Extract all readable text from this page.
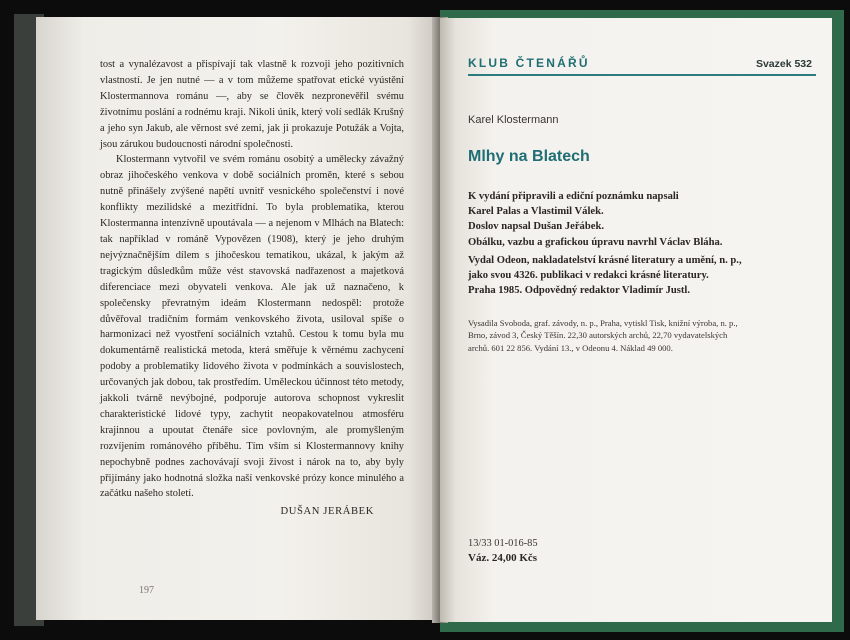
tost a vynalézavost a přispívají tak vlastně k rozvoji jeho pozitivních vlastností. Je jen nutné — a v tom můžeme spatřovat etické vyústění Klostermannova románu —, aby se člověk nezpronevěřil svému životnímu poslání a rodnému kraji. Nikoli únik, který volí sedlák Krušný a jeho syn Jakub, ale věrnost své zemi, jak ji prokazuje Potužák a Vojta, jsou zárukou budoucnosti národní společnosti.

Klostermann vytvořil ve svém románu osobitý a umělecky závažný obraz jihočeského venkova v době sociálních proměn, které s sebou nutně přinášely zvýšené napětí uvnitř vesnického společenství i nové konflikty mezilidské a mezitřídní. To byla problematika, kterou Klostermanna intenzívně upoutávala — a nejenom v Mlhách na Blatech: tak například v románě Vypovězen (1908), který je jeho druhým nejvýznačnějším dílem s jihočeskou tematikou, ukázal, k jakým až tragickým důsledkům může vést stavovská nadřazenost a majetková diferenciace mezi obyvateli venkova. Ale jak už naznačeno, k společensky převratným ideám Klostermann nedospěl: protože důvěřoval tradičním formám venkovského života, usiloval spíše o harmonizaci než vyostření sociálních vztahů. Cestou k tomu byla mu dokumentárně realistická metoda, která směřuje k věrnému zachycení podoby a problematiky lidového života v podmínkách a souvislostech, určovaných jak dobou, tak prostředím. Uměleckou účinnost této metody, jakkoli tvárně nevýbojné, podporuje autorova schopnost vykreslit charakteristické lidové typy, zachytit neopakovatelnou atmosféru krajinnou a upoutat čtenáře sice povlovným, ale promyšleným rozvíjením románového příběhu. Tím vším si Klostermannovy knihy nepochybně podnes zachovávají svoji živost i nárok na to, aby byly přijímány jako hodnotná složka naší venkovské prózy konce minulého a začátku našeho století.

DUŠAN JERÁBEK
197
KLUB ČTENÁŘŮ	Svazek 532
Karel Klostermann
Mlhy na Blatech
K vydání připravili a ediční poznámku napsali
Karel Palas a Vlastimil Válek.
Doslov napsal Dušan Jeřábek.
Obálku, vazbu a grafickou úpravu navrhl Václav Bláha.
Vydal Odeon, nakladatelství krásné literatury a umění, n. p.,
jako svou 4326. publikaci v redakci krásné literatury.
Praha 1985. Odpovědný redaktor Vladimír Justl.
Vysadila Svoboda, graf. závody, n. p., Praha, vytiskl Tisk, knižní výroba, n. p.,
Brno, závod 3, Český Těšín. 22,30 autorských archů, 22,70 vydavatelských
archů. 601 22 856. Vydání 13., v Odeonu 4. Náklad 49 000.
13/33 01-016-85
Váz. 24,00 Kčs
